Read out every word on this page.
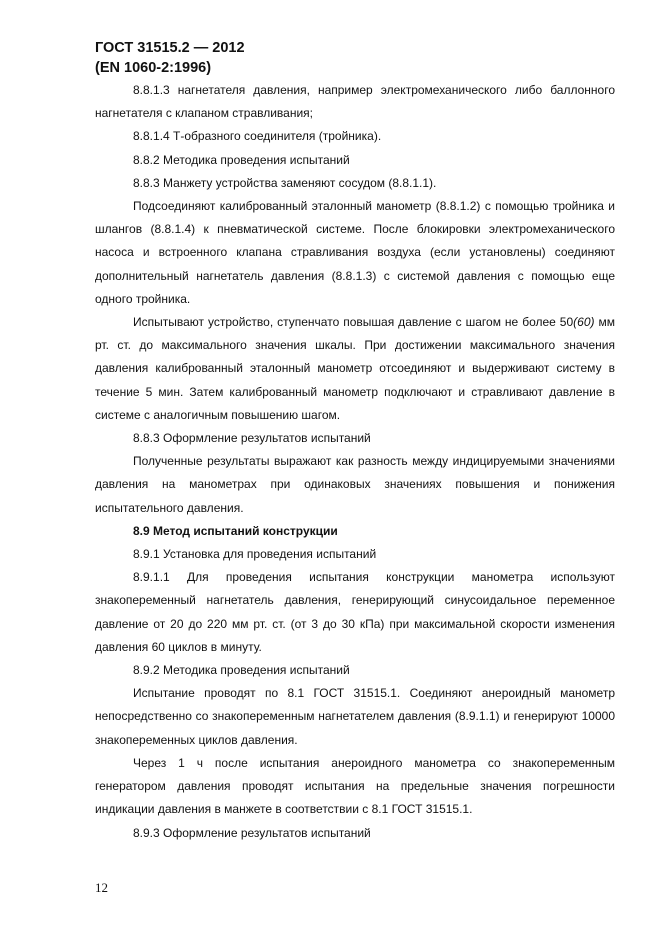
ГОСТ 31515.2 — 2012
(EN 1060-2:1996)

8.8.1.3 нагнетателя давления, например электромеханического либо баллонного нагнетателя с клапаном стравливания;

8.8.1.4 Т-образного соединителя (тройника).

8.8.2 Методика проведения испытаний

8.8.3 Манжету устройства заменяют сосудом (8.8.1.1).

Подсоединяют калиброванный эталонный манометр (8.8.1.2) с помощью тройника и шлангов (8.8.1.4) к пневматической системе. После блокировки электромеханического насоса и встроенного клапана стравливания воздуха (если установлены) соединяют дополнительный нагнетатель давления (8.8.1.3) с системой давления с помощью еще одного тройника.

Испытывают устройство, ступенчато повышая давление с шагом не более 50(60) мм рт. ст. до максимального значения шкалы. При достижении максимального значения давления калиброванный эталонный манометр отсоединяют и выдерживают систему в течение 5 мин. Затем калиброванный манометр подключают и стравливают давление в системе с аналогичным повышению шагом.

8.8.3 Оформление результатов испытаний

Полученные результаты выражают как разность между индицируемыми значениями давления на манометрах при одинаковых значениях повышения и понижения испытательного давления.

8.9 Метод испытаний конструкции

8.9.1 Установка для проведения испытаний

8.9.1.1 Для проведения испытания конструкции манометра используют знакопеременный нагнетатель давления, генерирующий синусоидальное переменное давление от 20 до 220 мм рт. ст. (от 3 до 30 кПа) при максимальной скорости изменения давления 60 циклов в минуту.

8.9.2 Методика проведения испытаний

Испытание проводят по 8.1 ГОСТ 31515.1. Соединяют анероидный манометр непосредственно со знакопеременным нагнетателем давления (8.9.1.1) и генерируют 10000 знакопеременных циклов давления.

Через 1 ч после испытания анероидного манометра со знакопеременным генератором давления проводят испытания на предельные значения погрешности индикации давления в манжете в соответствии с 8.1 ГОСТ 31515.1.

8.9.3 Оформление результатов испытаний

12
